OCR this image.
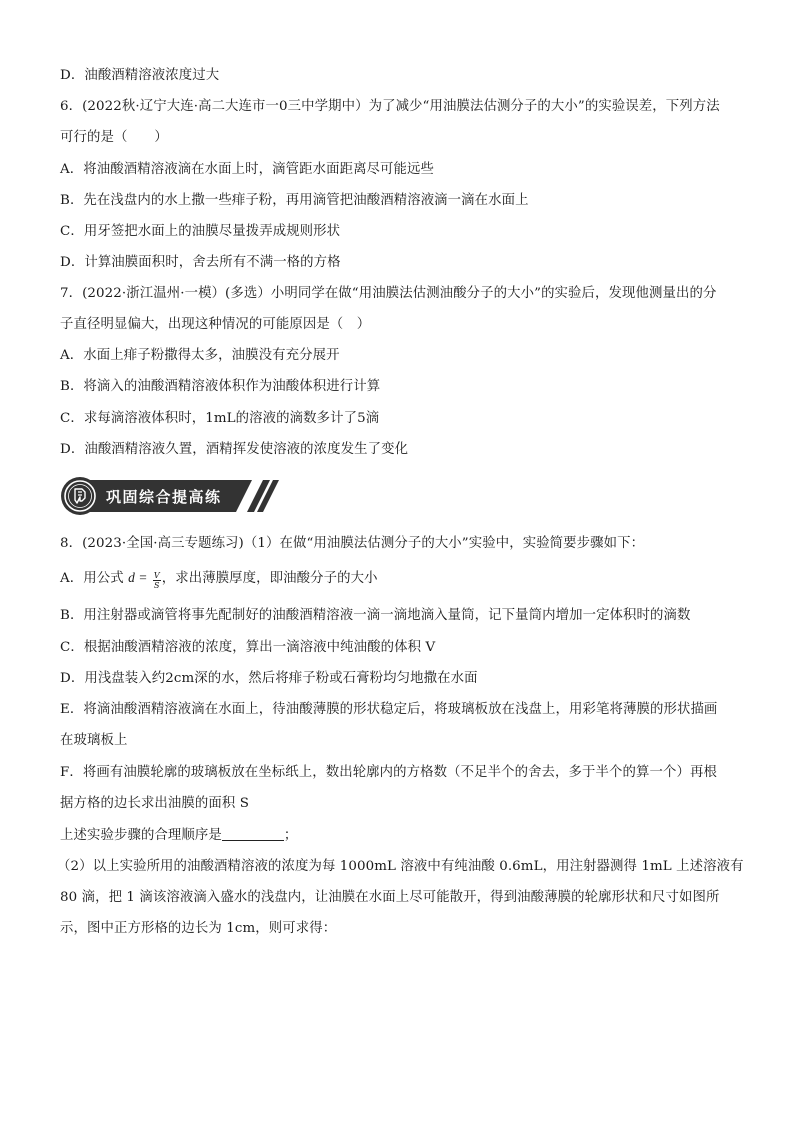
D．油酸酒精溶液浓度过大
6．(2022秋·辽宁大连·高二大连市一0三中学期中）为了减少“用油膜法估测分子的大小”的实验误差，下列方法
可行的是（　　）
A．将油酸酒精溶液滴在水面上时，滴管距水面距离尽可能远些
B．先在浅盘内的水上撒一些痱子粉，再用滴管把油酸酒精溶液滴一滴在水面上
C．用牙签把水面上的油膜尽量拨弄成规则形状
D．计算油膜面积时，舍去所有不满一格的方格
7．(2022·浙江温州·一模）(多选）小明同学在做“用油膜法估测油酸分子的大小”的实验后，发现他测量出的分
子直径明显偏大，出现这种情况的可能原因是（　）
A．水面上痱子粉撒得太多，油膜没有充分展开
B．将滴入的油酸酒精溶液体积作为油酸体积进行计算
C．求每滴溶液体积时，1mL的溶液的滴数多计了5滴
D．油酸酒精溶液久置，酒精挥发使溶液的浓度发生了变化
巩固综合提高练
8．(2023·全国·高三专题练习)（1）在做“用油膜法估测分子的大小”实验中，实验简要步骤如下：
A．用公式 $d = \frac{V}{S}$ ，求出薄膜厚度，即油酸分子的大小
B．用注射器或滴管将事先配制好的油酸酒精溶液一滴一滴地滴入量筒，记下量筒内增加一定体积时的滴数
C．根据油酸酒精溶液的浓度，算出一滴溶液中纯油酸的体积 V
D．用浅盘装入约2cm深的水，然后将痱子粉或石膏粉均匀地撒在水面
E．将滴油酸酒精溶液滴在水面上，待油酸薄膜的形状稳定后，将玻璃板放在浅盘上，用彩笔将薄膜的形状描画
在玻璃板上
F．将画有油膜轮廓的玻璃板放在坐标纸上，数出轮廓内的方格数（不足半个的舍去，多于半个的算一个）再根
据方格的边长求出油膜的面积 S
上述实验步骤的合理顺序是	；
（2）以上实验所用的油酸酒精溶液的浓度为每 1000mL 溶液中有纯油酸 0.6mL，用注射器测得 1mL 上述溶液有
80 滴，把 1 滴该溶液滴入盛水的浅盘内，让油膜在水面上尽可能散开，得到油酸薄膜的轮廓形状和尺寸如图所
示，图中正方形格的边长为 1cm，则可求得：
